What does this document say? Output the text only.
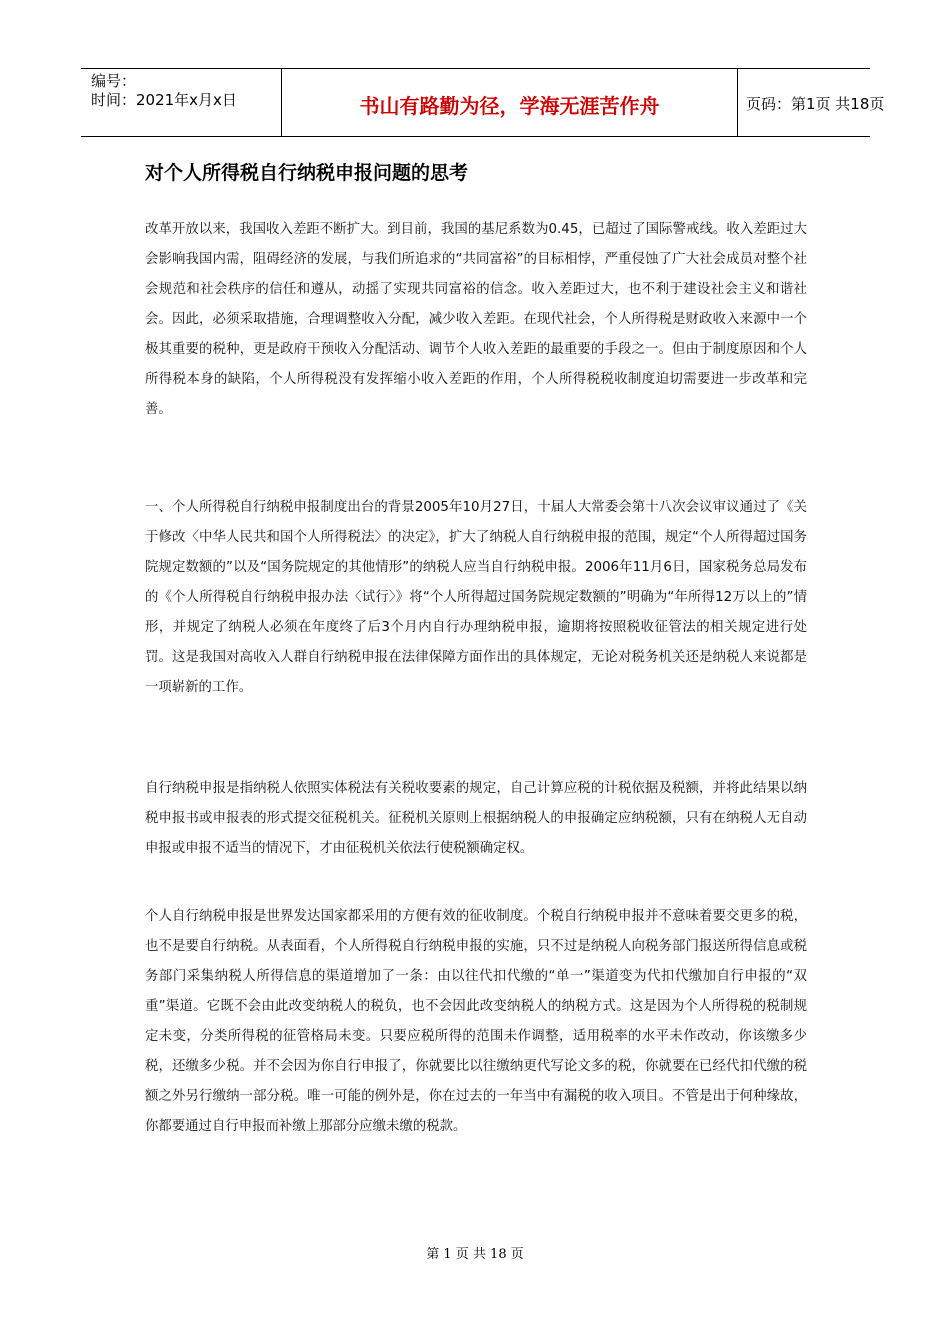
编号：
时间：2021年x月x日	书山有路勤为径，学海无涯苦作舟	页码：第1页 共18页
对个人所得税自行纳税申报问题的思考

改革开放以来，我国收入差距不断扩大。到目前，我国的基尼系数为0.45，已超过了国际警戒线。收入差距过大会影响我国内需，阻碍经济的发展，与我们所追求的“共同富裕”的目标相悖，严重侵蚀了广大社会成员对整个社会规范和社会秩序的信任和遵从，动摇了实现共同富裕的信念。收入差距过大，也不利于建设社会主义和谐社会。因此，必须采取措施，合理调整收入分配，减少收入差距。在现代社会，个人所得税是财政收入来源中一个极其重要的税种，更是政府干预收入分配活动、调节个人收入差距的最重要的手段之一。但由于制度原因和个人所得税本身的缺陷，个人所得税没有发挥缩小收入差距的作用，个人所得税税收制度迫切需要进一步改革和完善。

一、个人所得税自行纳税申报制度出台的背景2005年10月27日，十届人大常委会第十八次会议审议通过了《关于修改〈中华人民共和国个人所得税法〉的决定》，扩大了纳税人自行纳税申报的范围，规定“个人所得超过国务院规定数额的”以及“国务院规定的其他情形”的纳税人应当自行纳税申报。2006年11月6日，国家税务总局发布的《个人所得税自行纳税申报办法〈试行〉》将“个人所得超过国务院规定数额的”明确为“年所得12万以上的”情形，并规定了纳税人必须在年度终了后3个月内自行办理纳税申报，逾期将按照税收征管法的相关规定进行处罚。这是我国对高收入人群自行纳税申报在法律保障方面作出的具体规定，无论对税务机关还是纳税人来说都是一项崭新的工作。

自行纳税申报是指纳税人依照实体税法有关税收要素的规定，自己计算应税的计税依据及税额，并将此结果以纳税申报书或申报表的形式提交征税机关。征税机关原则上根据纳税人的申报确定应纳税额，只有在纳税人无自动申报或申报不适当的情况下，才由征税机关依法行使税额确定权。

个人自行纳税申报是世界发达国家都采用的方便有效的征收制度。个税自行纳税申报并不意味着要交更多的税，也不是要自行纳税。从表面看，个人所得税自行纳税申报的实施，只不过是纳税人向税务部门报送所得信息或税务部门采集纳税人所得信息的渠道增加了一条：由以往代扣代缴的“单一”渠道变为代扣代缴加自行申报的“双重”渠道。它既不会由此改变纳税人的税负，也不会因此改变纳税人的纳税方式。这是因为个人所得税的税制规定未变，分类所得税的征管格局未变。只要应税所得的范围未作调整，适用税率的水平未作改动，你该缴多少税，还缴多少税。并不会因为你自行申报了，你就要比以往缴纳更代写论文多的税，你就要在已经代扣代缴的税额之外另行缴纳一部分税。唯一可能的例外是，你在过去的一年当中有漏税的收入项目。不管是出于何种缘故，你都要通过自行申报而补缴上那部分应缴未缴的税款。

第 1 页 共 18 页
